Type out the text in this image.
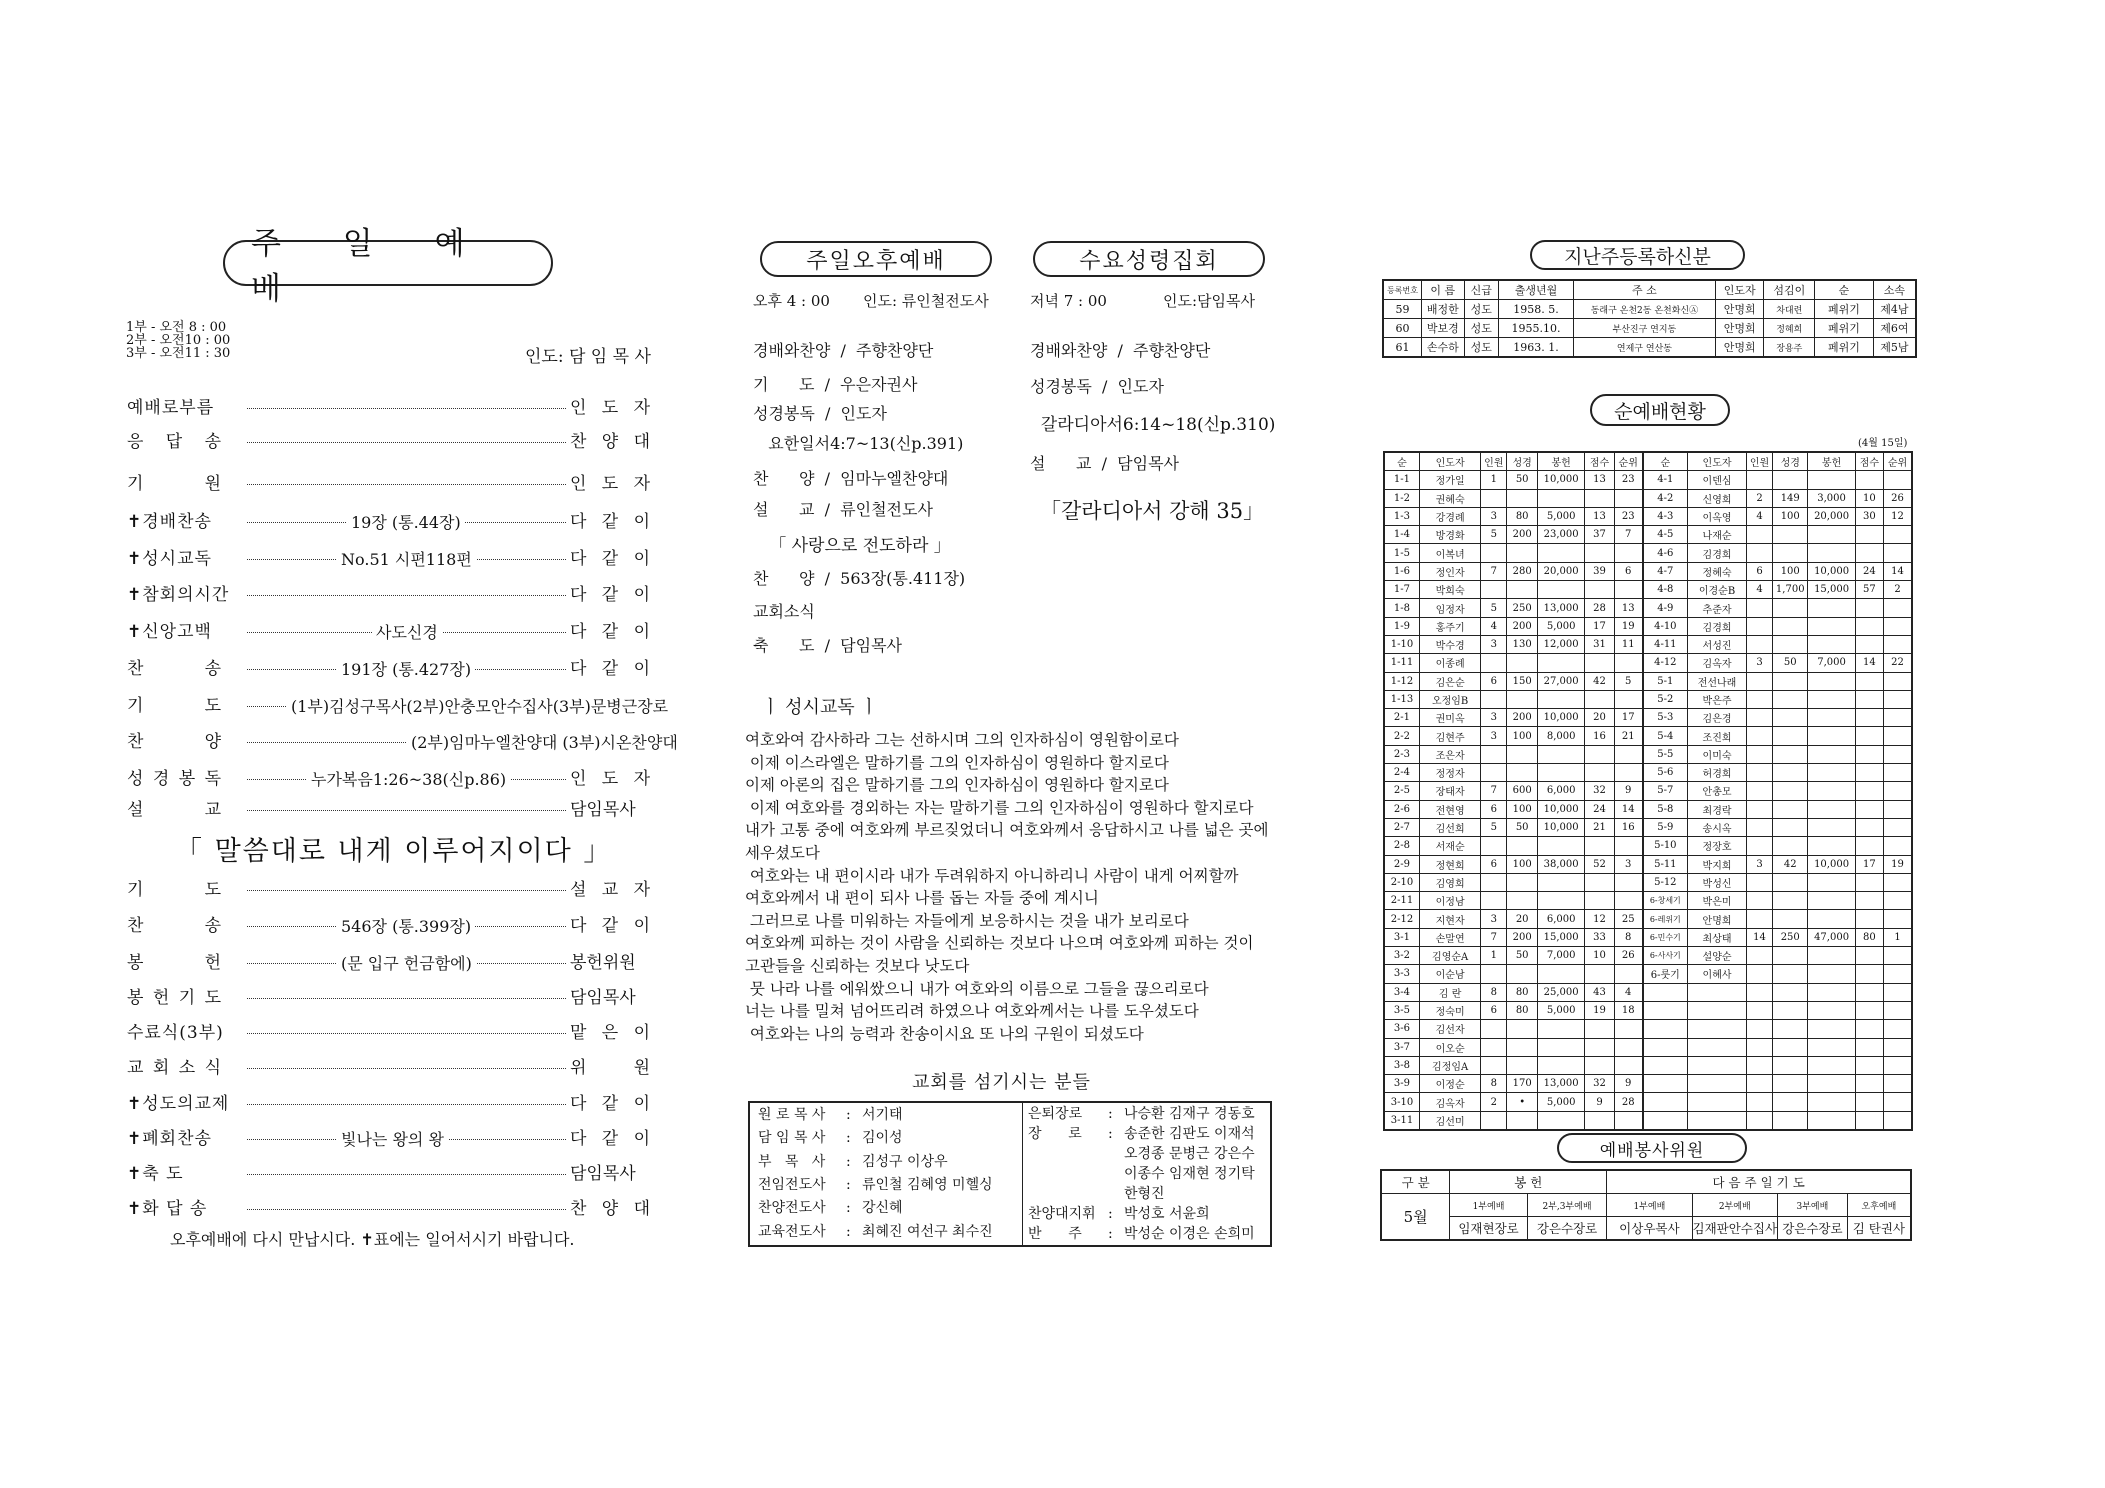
주 일 예 배
1부 - 오전 8 : 00
2부 - 오전10 : 00
3부 - 오전11 : 30	인도: 담 임 목 사
예배로부름	인 도 자
응 답 송	찬 양 대
기 원	인 도 자
✝경배찬송	19장 (통.44장)	다 같 이
✝성시교독	No.51 시편118편	다 같 이
✝참회의시간	다 같 이
✝신앙고백	사도신경	다 같 이
찬 송	191장 (통.427장)	다 같 이
기 도	(1부)김성구목사(2부)안충모안수집사(3부)문병근장로
찬 양	(2부)임마누엘찬양대 (3부)시온찬양대
성 경 봉 독	누가복음1:26~38(신p.86)	인 도 자
설 교	담임목사
「 말씀대로 내게 이루어지이다 」
기 도	설 교 자
찬 송	546장 (통.399장)	다 같 이
봉 헌	(문 입구 헌금함에)	봉헌위원
봉 헌 기 도	담임목사
수료식(3부)	맡 은 이
교 회 소 식	위 원
✝성도의교제	다 같 이
✝폐회찬송	빛나는 왕의 왕	다 같 이
✝축 도	담임목사
✝화 답 송	찬 양 대
오후예배에 다시 만납시다. ✝표에는 일어서시기 바랍니다.
주일오후예배
오후 4 : 00 인도: 류인철전도사
경배와찬양  /  주향찬양단
기      도  /  우은자권사
성경봉독  /  인도자
요한일서4:7~13(신p.391)
찬      양  /  임마누엘찬양대
설      교  /  류인철전도사
「 사랑으로 전도하라 」
찬      양  /  563장(통.411장)
교회소식
축      도  /  담임목사
수요성령집회
저녁 7 : 00	인도:담임목사
경배와찬양  /  주향찬양단
성경봉독  /  인도자
갈라디아서6:14~18(신p.310)
설      교  /  담임목사
「갈라디아서 강해 35」
ㅣ 성시교독 ㅣ
여호와여 감사하라 그는 선하시며 그의 인자하심이 영원함이로다
이제 이스라엘은 말하기를 그의 인자하심이 영원하다 할지로다
이제 아론의 집은 말하기를 그의 인자하심이 영원하다 할지로다
이제 여호와를 경외하는 자는 말하기를 그의 인자하심이 영원하다 할지로다
내가 고통 중에 여호와께 부르짖었더니 여호와께서 응답하시고 나를 넓은 곳에
세우셨도다
여호와는 내 편이시라 내가 두려워하지 아니하리니 사람이 내게 어찌할까
여호와께서 내 편이 되사 나를 돕는 자들 중에 계시니
그러므로 나를 미워하는 자들에게 보응하시는 것을 내가 보리로다
여호와께 피하는 것이 사람을 신뢰하는 것보다 나으며 여호와께 피하는 것이
고관들을 신뢰하는 것보다 낫도다
뭇 나라 나를 에워쌌으니 내가 여호와의 이름으로 그들을 끊으리로다
너는 나를 밀쳐 넘어뜨리려 하였으나 여호와께서는 나를 도우셨도다
여호와는 나의 능력과 찬송이시요 또 나의 구원이 되셨도다
교회를 섬기시는 분들
원 로 목 사 : 서기태
담 임 목 사 : 김이성
부   목   사 : 김성구 이상우
전임전도사 : 류인철 김혜영 미헬싱
찬양전도사 : 강신혜
교육전도사 : 최혜진 여선구 최수진
은퇴장로 : 나승환 김재구 경동호
장      로 : 송준한 김판도 이재석
오경종 문병근 강은수
이종수 임재현 정기탁
한형진
찬양대지휘 : 박성호 서윤희
반      주 : 박성순 이경은 손희미
지난주등록하신분
등록번호	이 름	신급	출생년월	주 소	인도자	섬김이	순	소속
59	배정한	성도	1958. 5.	동래구 온천2동 온천화신Ⓐ	안명희	차대련	페위기	제4남
60	박보경	성도	1955.10.	부산진구 연지동	안명희	정혜희	페위기	제6여
61	손수하	성도	1963. 1.	연제구 연산동	안명희	장용주	페위기	제5남
순예배현황
(4월 15일)
순	인도자	인원	성경	봉헌	점수	순위	순	인도자	인원	성경	봉헌	점수	순위
1-1	정가일	1	50	10,000	13	23	4-1	이덴심					
1-2	권혜숙						4-2	신영희	2	149	3,000	10	26
1-3	강경례	3	80	5,000	13	23	4-3	이옥영	4	100	20,000	30	12
1-4	방경화	5	200	23,000	37	7	4-5	나재순					
1-5	이복녀						4-6	김경희					
1-6	정인자	7	280	20,000	39	6	4-7	정혜숙	6	100	10,000	24	14
1-7	박희숙						4-8	이경순B	4	1,700	15,000	57	2
1-8	임정자	5	250	13,000	28	13	4-9	추준자					
1-9	홍주기	4	200	5,000	17	19	4-10	김경희					
1-10	박수경	3	130	12,000	31	11	4-11	서성진					
1-11	이종례						4-12	김옥자	3	50	7,000	14	22
1-12	김은순	6	150	27,000	42	5	5-1	전선나래					
1-13	오정임B						5-2	박은주					
2-1	권미옥	3	200	10,000	20	17	5-3	김은경					
2-2	김현주	3	100	8,000	16	21	5-4	조진희					
2-3	조은자						5-5	이미숙					
2-4	정정자						5-6	허경희					
2-5	장태자	7	600	6,000	32	9	5-7	안총모					
2-6	전현영	6	100	10,000	24	14	5-8	최경락					
2-7	김선희	5	50	10,000	21	16	5-9	송시옥					
2-8	서재순						5-10	정장호					
2-9	정현희	6	100	38,000	52	3	5-11	박지희	3	42	10,000	17	19
2-10	김영희						5-12	박성신					
2-11	이정남						6-창세기	박은미					
2-12	지현자	3	20	6,000	12	25	6-레위기	안명희					
3-1	손말연	7	200	15,000	33	8	6-민수기	최상태	14	250	47,000	80	1
3-2	김영순A	1	50	7,000	10	26	6-사사기	설양순					
3-3	이순남						6-룻기	이혜사					
3-4	김 란	8	80	25,000	43	4							
3-5	정숙미	6	80	5,000	19	18							
3-6	김선자												
3-7	이오순												
3-8	김정임A												
3-9	이정순	8	170	13,000	32	9							
3-10	김옥자	2	•	5,000	9	28							
3-11	김선미												
예배봉사위원
구 분	봉 헌		다 음 주 일 기 도			
5월	1부예배	2부,3부예배	1부예배	2부예배	3부예배	오후예배
	임재현장로	강은수장로	이상우목사	김재판안수집사	강은수장로	김 탄권사
